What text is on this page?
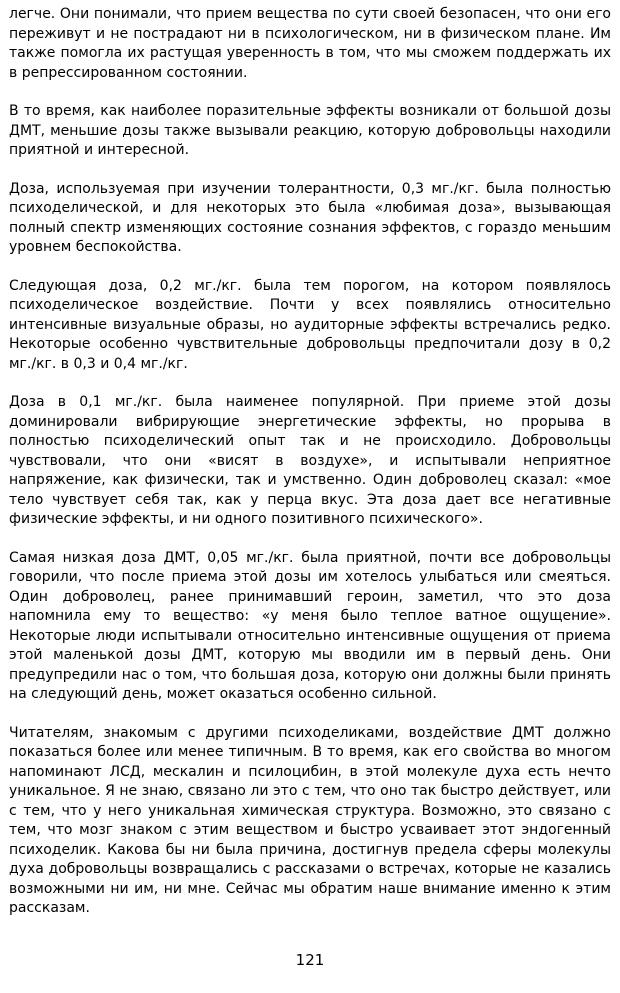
легче. Они понимали, что прием вещества по сути своей безопасен, что они его переживут и не пострадают ни в психологическом, ни в физическом плане. Им также помогла их растущая уверенность в том, что мы сможем поддержать их в репрессированном состоянии.

В то время, как наиболее поразительные эффекты возникали от большой дозы ДМТ, меньшие дозы также вызывали реакцию, которую добровольцы находили приятной и интересной.

Доза, используемая при изучении толерантности, 0,3 мг./кг. была полностью психоделической, и для некоторых это была «любимая доза», вызывающая полный спектр изменяющих состояние сознания эффектов, с гораздо меньшим уровнем беспокойства.

Следующая доза, 0,2 мг./кг. была тем порогом, на котором появлялось психоделическое воздействие. Почти у всех появлялись относительно интенсивные визуальные образы, но аудиторные эффекты встречались редко. Некоторые особенно чувствительные добровольцы предпочитали дозу в 0,2 мг./кг. в 0,3 и 0,4 мг./кг.

Доза в 0,1 мг./кг. была наименее популярной. При приеме этой дозы доминировали вибрирующие энергетические эффекты, но прорыва в полностью психоделический опыт так и не происходило. Добровольцы чувствовали, что они «висят в воздухе», и испытывали неприятное напряжение, как физически, так и умственно. Один доброволец сказал: «мое тело чувствует себя так, как у перца вкус. Эта доза дает все негативные физические эффекты, и ни одного позитивного психического».

Самая низкая доза ДМТ, 0,05 мг./кг. была приятной, почти все добровольцы говорили, что после приема этой дозы им хотелось улыбаться или смеяться. Один доброволец, ранее принимавший героин, заметил, что это доза напомнила ему то вещество: «у меня было теплое ватное ощущение». Некоторые люди испытывали относительно интенсивные ощущения от приема этой маленькой дозы ДМТ, которую мы вводили им в первый день. Они предупредили нас о том, что большая доза, которую они должны были принять на следующий день, может оказаться особенно сильной.

Читателям, знакомым с другими психоделиками, воздействие ДМТ должно показаться более или менее типичным. В то время, как его свойства во многом напоминают ЛСД, мескалин и псилоцибин, в этой молекуле духа есть нечто уникальное. Я не знаю, связано ли это с тем, что оно так быстро действует, или с тем, что у него уникальная химическая структура. Возможно, это связано с тем, что мозг знаком с этим веществом и быстро усваивает этот эндогенный психоделик. Какова бы ни была причина, достигнув предела сферы молекулы духа добровольцы возвращались с рассказами о встречах, которые не казались возможными ни им, ни мне. Сейчас мы обратим наше внимание именно к этим рассказам.

121
